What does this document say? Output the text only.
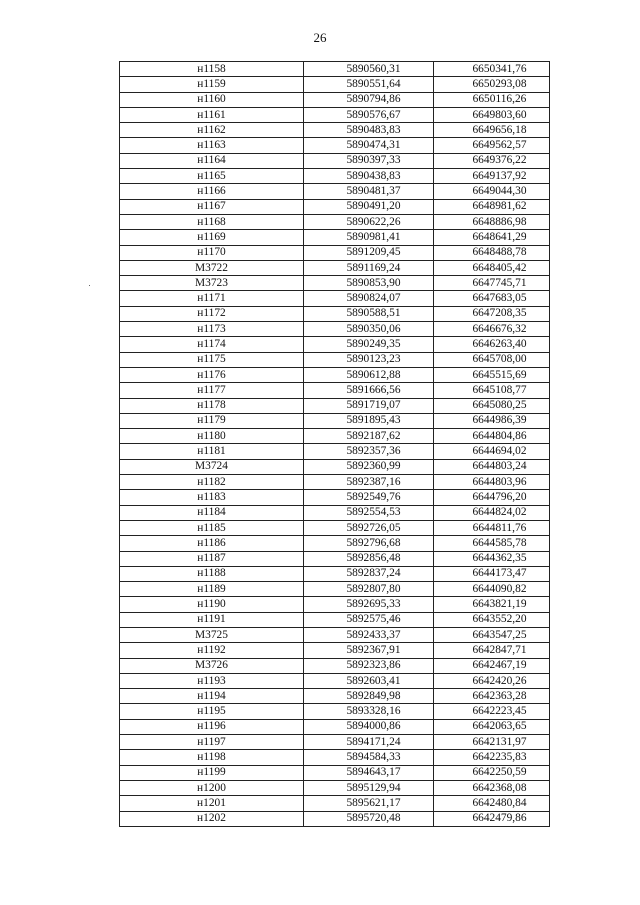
26
н1158	5890560,31	6650341,76
н1159	5890551,64	6650293,08
н1160	5890794,86	6650116,26
н1161	5890576,67	6649803,60
н1162	5890483,83	6649656,18
н1163	5890474,31	6649562,57
н1164	5890397,33	6649376,22
н1165	5890438,83	6649137,92
н1166	5890481,37	6649044,30
н1167	5890491,20	6648981,62
н1168	5890622,26	6648886,98
н1169	5890981,41	6648641,29
н1170	5891209,45	6648488,78
М3722	5891169,24	6648405,42
М3723	5890853,90	6647745,71
н1171	5890824,07	6647683,05
н1172	5890588,51	6647208,35
н1173	5890350,06	6646676,32
н1174	5890249,35	6646263,40
н1175	5890123,23	6645708,00
н1176	5890612,88	6645515,69
н1177	5891666,56	6645108,77
н1178	5891719,07	6645080,25
н1179	5891895,43	6644986,39
н1180	5892187,62	6644804,86
н1181	5892357,36	6644694,02
М3724	5892360,99	6644803,24
н1182	5892387,16	6644803,96
н1183	5892549,76	6644796,20
н1184	5892554,53	6644824,02
н1185	5892726,05	6644811,76
н1186	5892796,68	6644585,78
н1187	5892856,48	6644362,35
н1188	5892837,24	6644173,47
н1189	5892807,80	6644090,82
н1190	5892695,33	6643821,19
н1191	5892575,46	6643552,20
М3725	5892433,37	6643547,25
н1192	5892367,91	6642847,71
М3726	5892323,86	6642467,19
н1193	5892603,41	6642420,26
н1194	5892849,98	6642363,28
н1195	5893328,16	6642223,45
н1196	5894000,86	6642063,65
н1197	5894171,24	6642131,97
н1198	5894584,33	6642235,83
н1199	5894643,17	6642250,59
н1200	5895129,94	6642368,08
н1201	5895621,17	6642480,84
н1202	5895720,48	6642479,86
